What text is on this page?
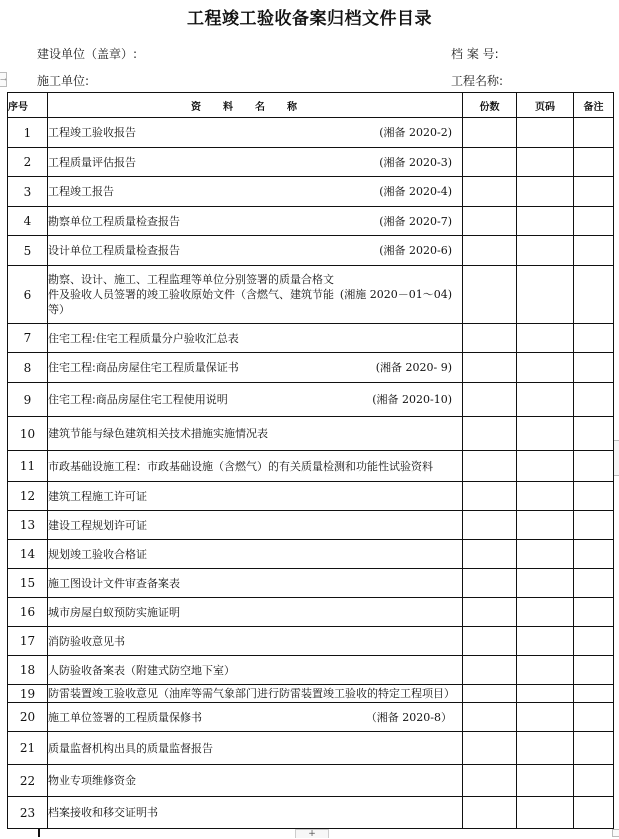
工程竣工验收备案归档文件目录
建设单位（盖章）:	档 案 号:
施工单位:	工程名称:
→
序号	资料名称	份数	页码	备注
1	工程竣工验收报告 (湘备 2020-2)			

2	工程质量评估报告 (湘备 2020-3)			

3	工程竣工报告 (湘备 2020-4)			

4	勘察单位工程质量检查报告 (湘备 2020-7)			

5	设计单位工程质量检查报告 (湘备 2020-6)			

6	勘察、设计、施工、工程监理等单位分别签署的质量合格文件及验收人员签署的竣工验收原始文件（含燃气、建筑节能等）
(湘施 2020－01～04)			

7	住宅工程:住宅工程质量分户验收汇总表			

8	住宅工程:商品房屋住宅工程质量保证书 (湘备 2020- 9)			

9	住宅工程:商品房屋住宅工程使用说明 (湘备 2020-10)			

10	建筑节能与绿色建筑相关技术措施实施情况表			

11	市政基础设施工程：市政基础设施（含燃气）的有关质量检测和功能性试验资料			

12	建筑工程施工许可证			

13	建设工程规划许可证			

14	规划竣工验收合格证			

15	施工图设计文件审查备案表			

16	城市房屋白蚁预防实施证明			

17	消防验收意见书			

18	人防验收备案表（附建式防空地下室）			

19	防雷装置竣工验收意见（油库等需气象部门进行防雷装置竣工验收的特定工程项目）			

20	施工单位签署的工程质量保修书 （湘备 2020-8）			

21	质量监督机构出具的质量监督报告			

22	物业专项维修资金			

23	档案接收和移交证明书			

+
